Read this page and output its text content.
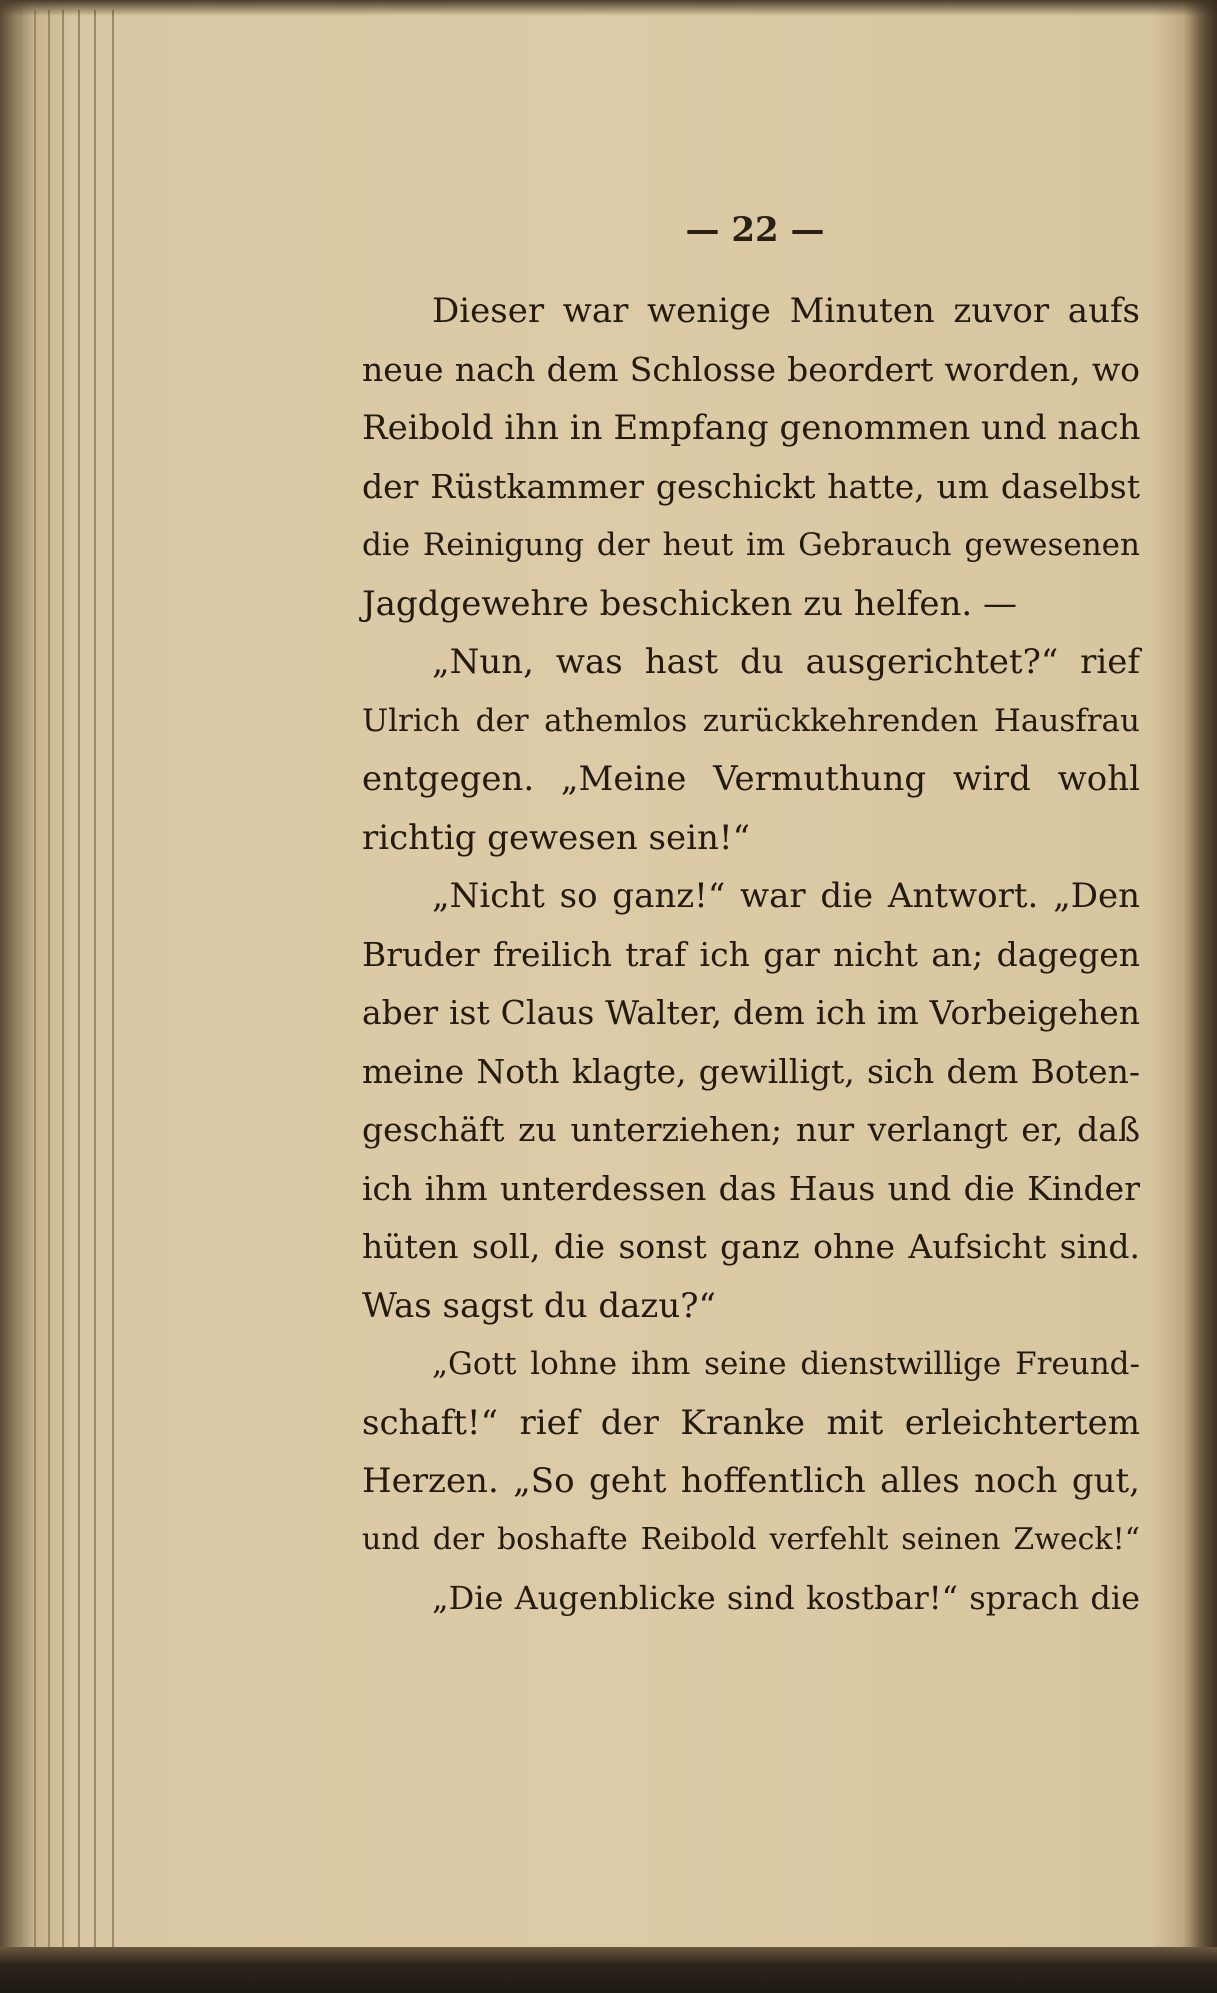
— 22 —
Dieser war wenige Minuten zuvor aufs
neue nach dem Schlosse beordert worden, wo
Reibold ihn in Empfang genommen und nach
der Rüstkammer geschickt hatte, um daselbst
die Reinigung der heut im Gebrauch gewesenen
Jagdgewehre beschicken zu helfen. —
„Nun, was hast du ausgerichtet?“ rief
Ulrich der athemlos zurückkehrenden Hausfrau
entgegen. „Meine Vermuthung wird wohl
richtig gewesen sein!“
„Nicht so ganz!“ war die Antwort. „Den
Bruder freilich traf ich gar nicht an; dagegen
aber ist Claus Walter, dem ich im Vorbeigehen
meine Noth klagte, gewilligt, sich dem Boten-
geschäft zu unterziehen; nur verlangt er, daß
ich ihm unterdessen das Haus und die Kinder
hüten soll, die sonst ganz ohne Aufsicht sind.
Was sagst du dazu?“
„Gott lohne ihm seine dienstwillige Freund-
schaft!“ rief der Kranke mit erleichtertem
Herzen. „So geht hoffentlich alles noch gut,
und der boshafte Reibold verfehlt seinen Zweck!“
„Die Augenblicke sind kostbar!“ sprach die
